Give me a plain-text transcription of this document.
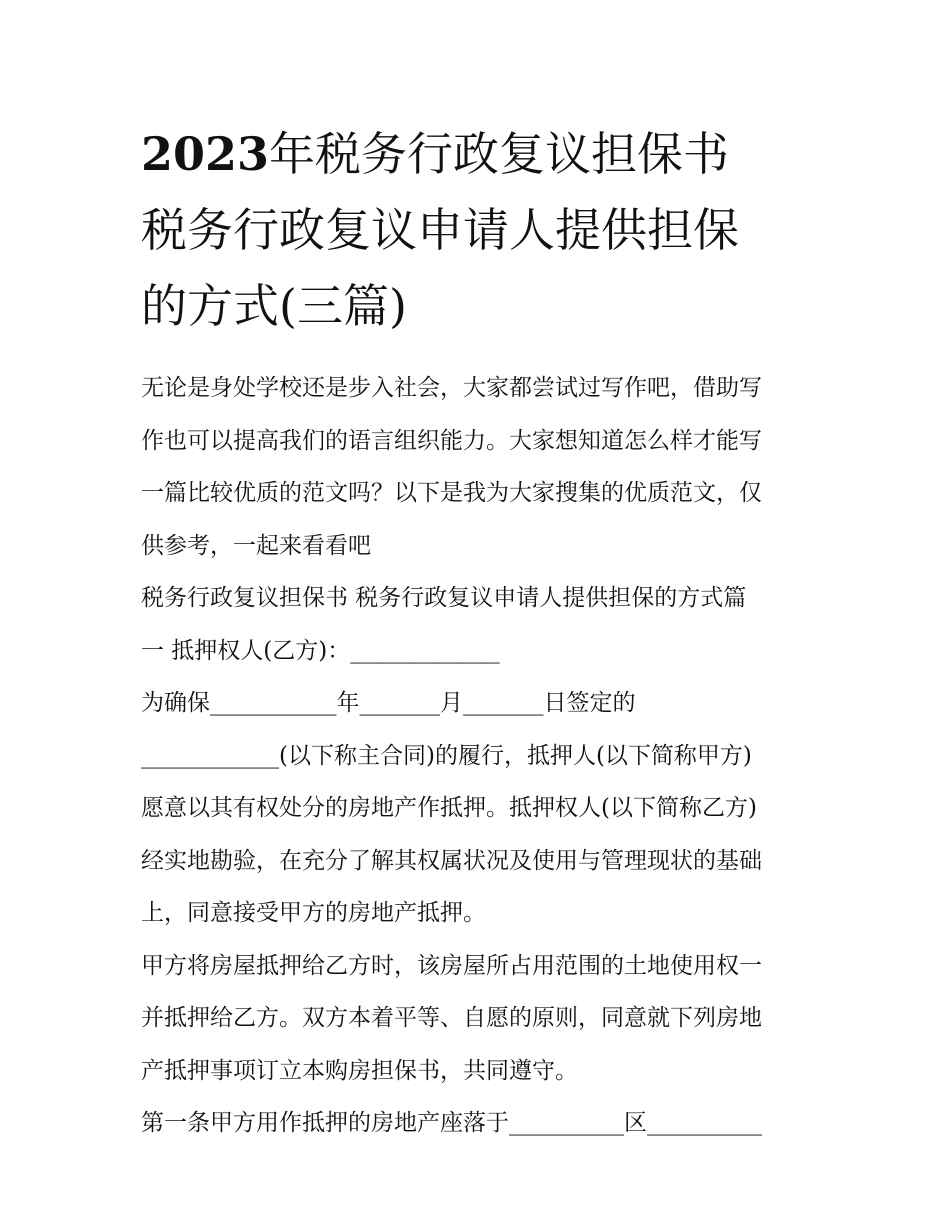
2023年税务行政复议担保书
税务行政复议申请人提供担保
的方式(三篇)

无论是身处学校还是步入社会，大家都尝试过写作吧，借助写
作也可以提高我们的语言组织能力。大家想知道怎么样才能写
一篇比较优质的范文吗？以下是我为大家搜集的优质范文，仅
供参考，一起来看看吧

税务行政复议担保书 税务行政复议申请人提供担保的方式篇
一 抵押权人(乙方)：_____________

为确保___________年_______月_______日签定的
____________(以下称主合同)的履行，抵押人(以下简称甲方)
愿意以其有权处分的房地产作抵押。抵押权人(以下简称乙方)
经实地勘验，在充分了解其权属状况及使用与管理现状的基础
上，同意接受甲方的房地产抵押。

甲方将房屋抵押给乙方时，该房屋所占用范围的土地使用权一
并抵押给乙方。双方本着平等、自愿的原则，同意就下列房地
产抵押事项订立本购房担保书，共同遵守。

第一条甲方用作抵押的房地产座落于__________区__________
